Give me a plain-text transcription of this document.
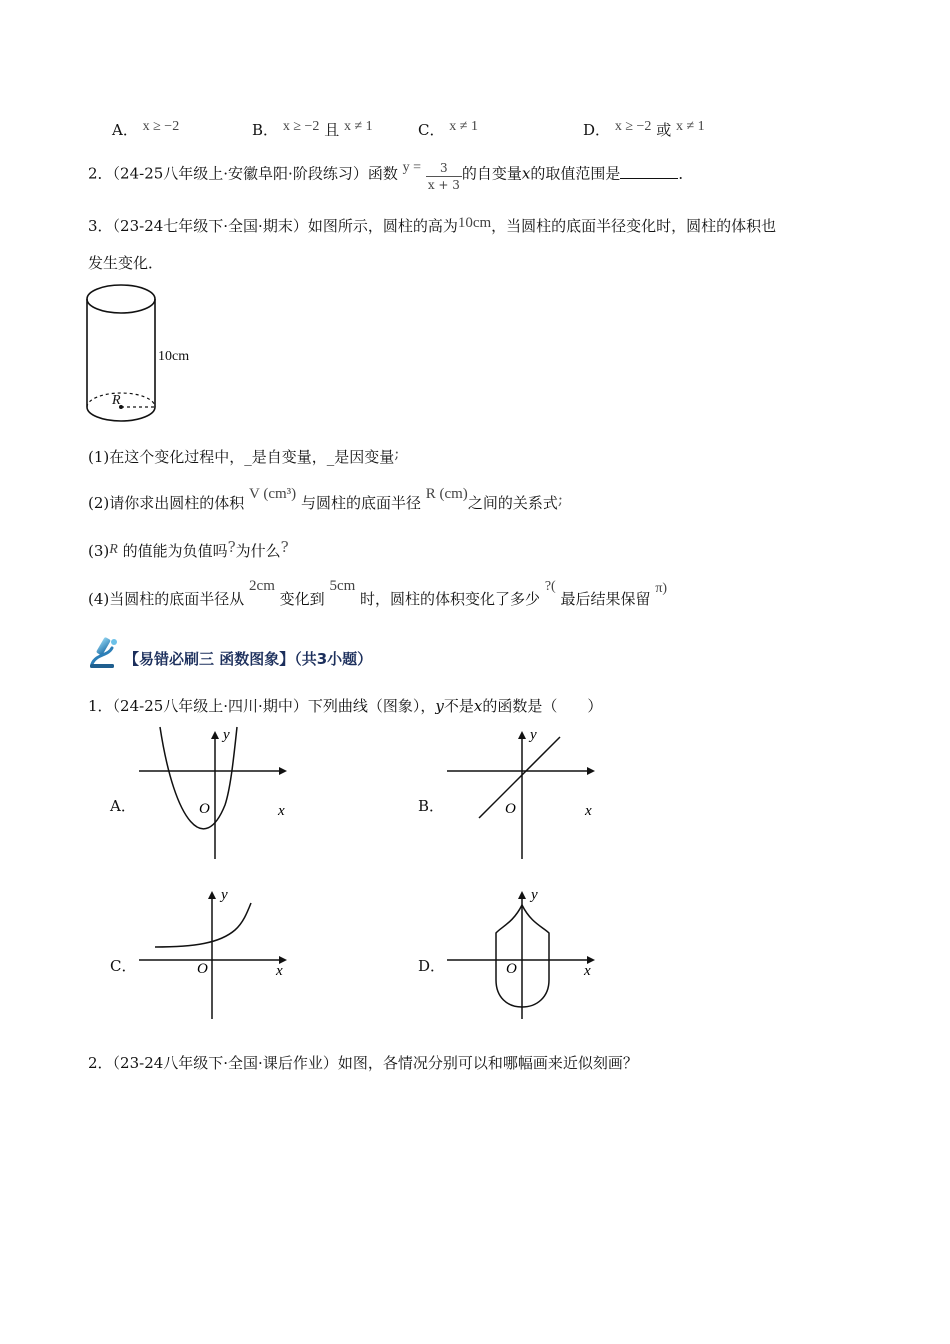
A． x ≥ −2	B． x ≥ −2 且 x ≠ 1	C． x ≠ 1	D． x ≥ −2 或 x ≠ 1
2．（24-25八年级上·安徽阜阳·阶段练习）函数 $y = \frac{3}{x + 3}$ 的自变量x的取值范围是	．
3．（23-24七年级下·全国·期末）如图所示，圆柱的高为10cm，当圆柱的底面半径变化时，圆柱的体积也
发生变化．
10cm
R
(1)在这个变化过程中，_是自变量，_是因变量;
(2)请你求出圆柱的体积 V (cm³) 与圆柱的底面半径 R (cm)之间的关系式;
(3)R 的值能为负值吗?为什么?
(4)当圆柱的底面半径从 2cm 变化到 5cm 时，圆柱的体积变化了多少 ?( 最后结果保留 π)
【易错必刷三 函数图象】（共3小题）
1．（24-25八年级上·四川·期中）下列曲线（图象），y不是x的函数是（　　）
A．
y
x
O	B．
y
x
O
C．
y
x
O	D．
y
x
O
2．（23-24八年级下·全国·课后作业）如图，各情况分别可以和哪幅画来近似刻画？
